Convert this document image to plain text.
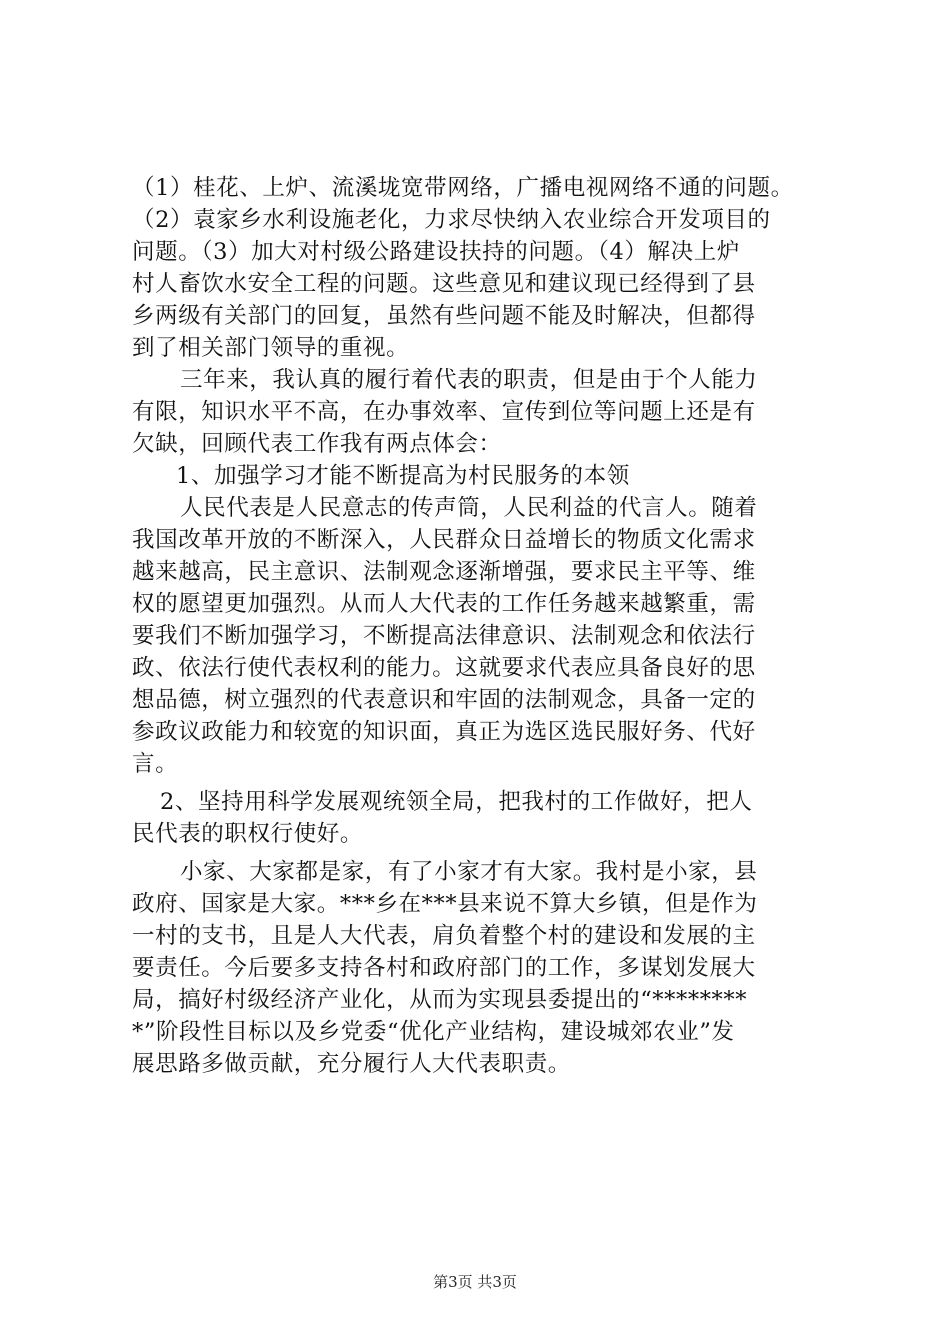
（1）桂花、上炉、流溪垅宽带网络，广播电视网络不通的问题。
（2）袁家乡水利设施老化，力求尽快纳入农业综合开发项目的
问题。（3）加大对村级公路建设扶持的问题。（4）解决上炉
村人畜饮水安全工程的问题。这些意见和建议现已经得到了县
乡两级有关部门的回复，虽然有些问题不能及时解决，但都得
到了相关部门领导的重视。
三年来，我认真的履行着代表的职责，但是由于个人能力
有限，知识水平不高，在办事效率、宣传到位等问题上还是有
欠缺，回顾代表工作我有两点体会：
1、加强学习才能不断提高为村民服务的本领
人民代表是人民意志的传声筒，人民利益的代言人。随着
我国改革开放的不断深入，人民群众日益增长的物质文化需求
越来越高，民主意识、法制观念逐渐增强，要求民主平等、维
权的愿望更加强烈。从而人大代表的工作任务越来越繁重，需
要我们不断加强学习，不断提高法律意识、法制观念和依法行
政、依法行使代表权利的能力。这就要求代表应具备良好的思
想品德，树立强烈的代表意识和牢固的法制观念，具备一定的
参政议政能力和较宽的知识面，真正为选区选民服好务、代好
言。
2、坚持用科学发展观统领全局，把我村的工作做好，把人
民代表的职权行使好。
小家、大家都是家，有了小家才有大家。我村是小家，县
政府、国家是大家。***乡在***县来说不算大乡镇，但是作为
一村的支书，且是人大代表，肩负着整个村的建设和发展的主
要责任。今后要多支持各村和政府部门的工作，多谋划发展大
局，搞好村级经济产业化，从而为实现县委提出的“********
*”阶段性目标以及乡党委“优化产业结构，建设城郊农业”发
展思路多做贡献，充分履行人大代表职责。
第3页 共3页
